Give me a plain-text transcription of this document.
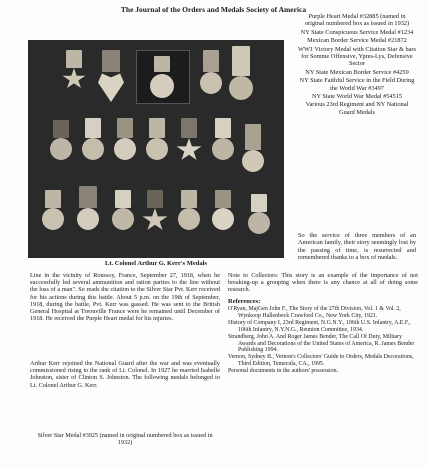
The Journal of the Orders and Medals Society of America
Lt. Colonel Arthur G. Kerr's Medals

Purple Heart Medal #32885 (named in original numbered box as issued in 1932)

NY State Conspicuous Service Medal #1234

Mexican Border Service Medal #21872

WW1 Victory Medal with Citation Star & bars for Somme Offensive, Ypres-Lys, Defensive Sector

NY State Mexican Border Service #4259

NY State Faithful Service in the Field During the World War #3497

NY State World War Medal #54515

Various 23rd Regiment and NY National Guard Medals

So the service of three members of an American family, their story seemingly lost by the passing of time, is resurrected and remembered thanks to a box of medals.
Line in the vicinity of Ronssoy, France, September 27, 1918, when he successfully led several ammunition and ration parties to the line without the loss of a man". So reads the citation to the Silver Star Pvt. Kerr received for his actions during this battle. About 5 p.m. on the 19th of September, 1918, during the battle, Pvt. Kerr was gassed. He was sent to the British General Hospital at Treouville France were he remained until December of 1918. He received the Purple Heart medal for his injuries.
Arthur Kerr rejoined the National Guard after the war and was eventually commissioned rising to the rank of Lt. Colonel. In 1927 he married Isabelle Johnston, sister of Clinton S. Johnston. The following medals belonged to Lt. Colonel Arthur G. Kerr.
Silver Star Medal #3925 (named in original numbered box as issued in 1932)
Note to Collectors: This story is an example of the importance of not breaking-up a grouping when there is any chance at all of doing some research.
References:

O'Ryan, MajGen John F., The Story of the 27th Division, Vol. 1 & Vol. 2, Wynkoop Hallenbeck Crawford Co., New York City, 1921.

History of Company I, 23rd Regiment, N.G.N.Y., 106th U.S. Infantry, A.E.F., 106th Infantry, N.Y.N.G., Reunion Committee, 1934.

Strandberg, John A. And Roger James Bender, The Call Of Duty, Military Awards and Decorations of the United States of America, R. James Bender Publishing 1994.

Vernon, Sydney B., Vernon's Collectors' Guide to Orders, Medals Decorations, Third Edition, Temecula, CA., 1995.

Personal documents in the authors' possession.
